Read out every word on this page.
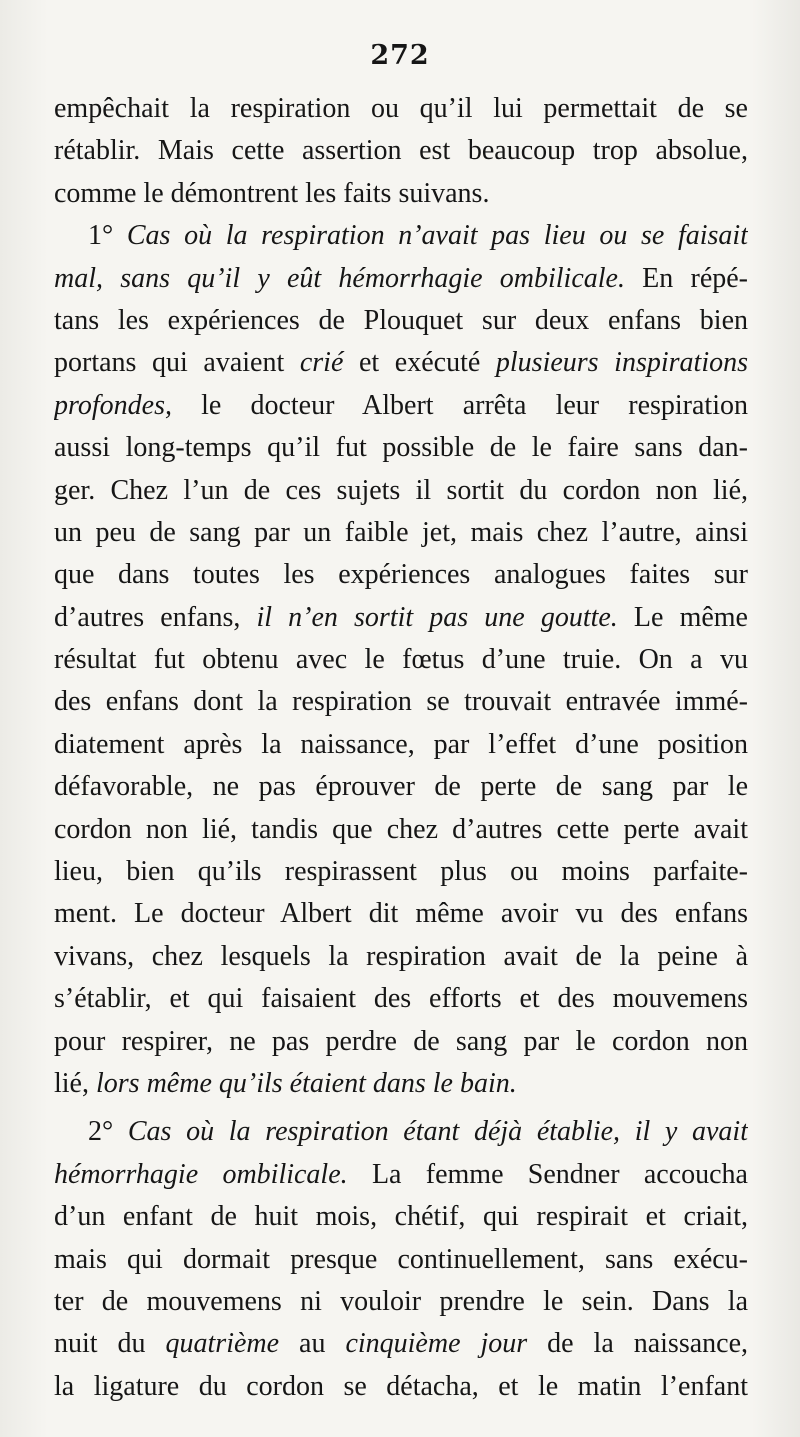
272
empêchait la respiration ou qu’il lui permettait de se
rétablir. Mais cette assertion est beaucoup trop absolue,
comme le démontrent les faits suivans.
1° Cas où la respiration n’avait pas lieu ou se faisait
mal, sans qu’il y eût hémorrhagie ombilicale. En répé-
tans les expériences de Plouquet sur deux enfans bien
portans qui avaient crié et exécuté plusieurs inspirations
profondes, le docteur Albert arrêta leur respiration
aussi long-temps qu’il fut possible de le faire sans dan-
ger. Chez l’un de ces sujets il sortit du cordon non lié,
un peu de sang par un faible jet, mais chez l’autre, ainsi
que dans toutes les expériences analogues faites sur
d’autres enfans, il n’en sortit pas une goutte. Le même
résultat fut obtenu avec le fœtus d’une truie. On a vu
des enfans dont la respiration se trouvait entravée immé-
diatement après la naissance, par l’effet d’une position
défavorable, ne pas éprouver de perte de sang par le
cordon non lié, tandis que chez d’autres cette perte avait
lieu, bien qu’ils respirassent plus ou moins parfaite-
ment. Le docteur Albert dit même avoir vu des enfans
vivans, chez lesquels la respiration avait de la peine à
s’établir, et qui faisaient des efforts et des mouvemens
pour respirer, ne pas perdre de sang par le cordon non
lié, lors même qu’ils étaient dans le bain.
2° Cas où la respiration étant déjà établie, il y avait
hémorrhagie ombilicale. La femme Sendner accoucha
d’un enfant de huit mois, chétif, qui respirait et criait,
mais qui dormait presque continuellement, sans exécu-
ter de mouvemens ni vouloir prendre le sein. Dans la
nuit du quatrième au cinquième jour de la naissance,
la ligature du cordon se détacha, et le matin l’enfant
